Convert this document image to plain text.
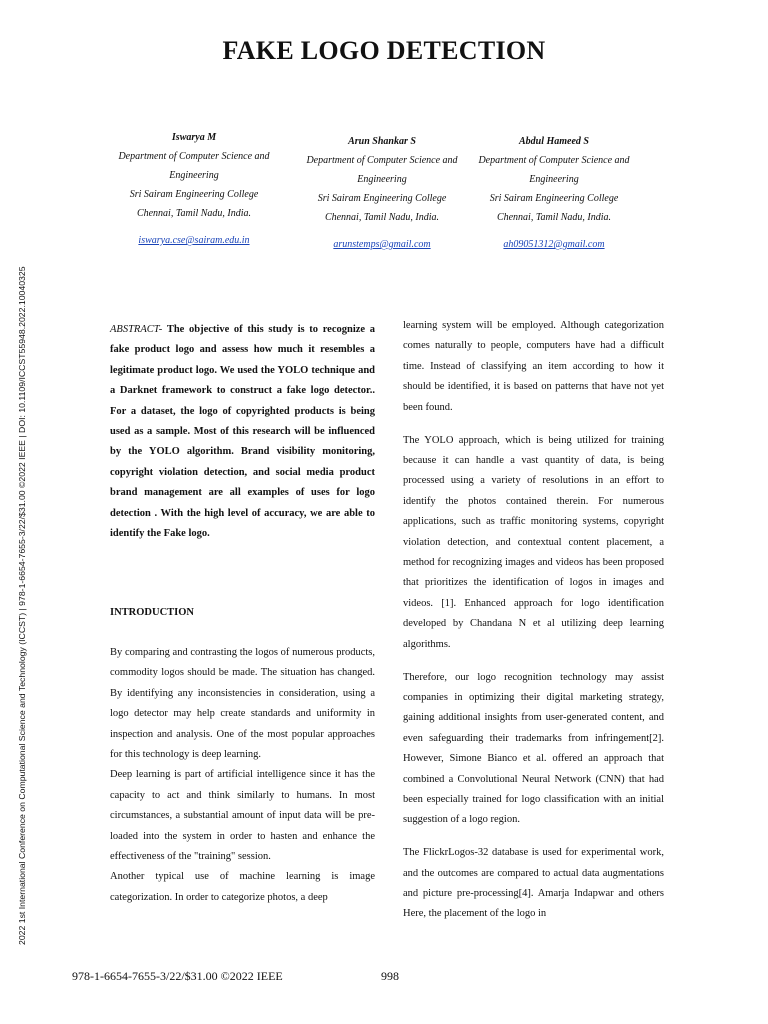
2022 1st International Conference on Computational Science and Technology (ICCST) | 978-1-6654-7655-3/22/$31.00 ©2022 IEEE | DOI: 10.1109/ICCST55948.2022.10040325
FAKE LOGO DETECTION
Iswarya M
Department of Computer Science and
Engineering
Sri Sairam Engineering College
Chennai, Tamil Nadu, India.
iswarya.cse@sairam.edu.in
Arun Shankar S
Department of Computer Science and
Engineering
Sri Sairam Engineering College
Chennai, Tamil Nadu, India.
arunstemps@gmail.com
Abdul Hameed S
Department of Computer Science and
Engineering
Sri Sairam Engineering College
Chennai, Tamil Nadu, India.
ah09051312@gmail.com

ABSTRACT- The objective of this study is to recognize a fake product logo and assess how much it resembles a legitimate product logo. We used the YOLO technique and a Darknet framework to construct a fake logo detector.. For a dataset, the logo of copyrighted products is being used as a sample. Most of this research will be influenced by the YOLO algorithm. Brand visibility monitoring, copyright violation detection, and social media product brand management are all examples of uses for logo detection . With the high level of accuracy, we are able to identify the Fake logo.

INTRODUCTION

By comparing and contrasting the logos of numerous products, commodity logos should be made. The situation has changed. By identifying any inconsistencies in consideration, using a logo detector may help create standards and uniformity in inspection and analysis. One of the most popular approaches for this technology is deep learning.

Deep learning is part of artificial intelligence since it has the capacity to act and think similarly to humans. In most circumstances, a substantial amount of input data will be pre-loaded into the system in order to hasten and enhance the effectiveness of the "training" session.

Another typical use of machine learning is image categorization. In order to categorize photos, a deep

learning system will be employed. Although categorization comes naturally to people, computers have had a difficult time. Instead of classifying an item according to how it should be identified, it is based on patterns that have not yet been found.

The YOLO approach, which is being utilized for training because it can handle a vast quantity of data, is being processed using a variety of resolutions in an effort to identify the photos contained therein. For numerous applications, such as traffic monitoring systems, copyright violation detection, and contextual content placement, a method for recognizing images and videos has been proposed that prioritizes the identification of logos in images and videos. [1]. Enhanced approach for logo identification developed by Chandana N et al utilizing deep learning algorithms.

Therefore, our logo recognition technology may assist companies in optimizing their digital marketing strategy, gaining additional insights from user-generated content, and even safeguarding their trademarks from infringement[2]. However, Simone Bianco et al. offered an approach that combined a Convolutional Neural Network (CNN) that had been especially trained for logo classification with an initial suggestion of a logo region.

The FlickrLogos-32 database is used for experimental work, and the outcomes are compared to actual data augmentations and picture pre-processing[4]. Amarja Indapwar and others Here, the placement of the logo in

978-1-6654-7655-3/22/$31.00 ©2022 IEEE	998
